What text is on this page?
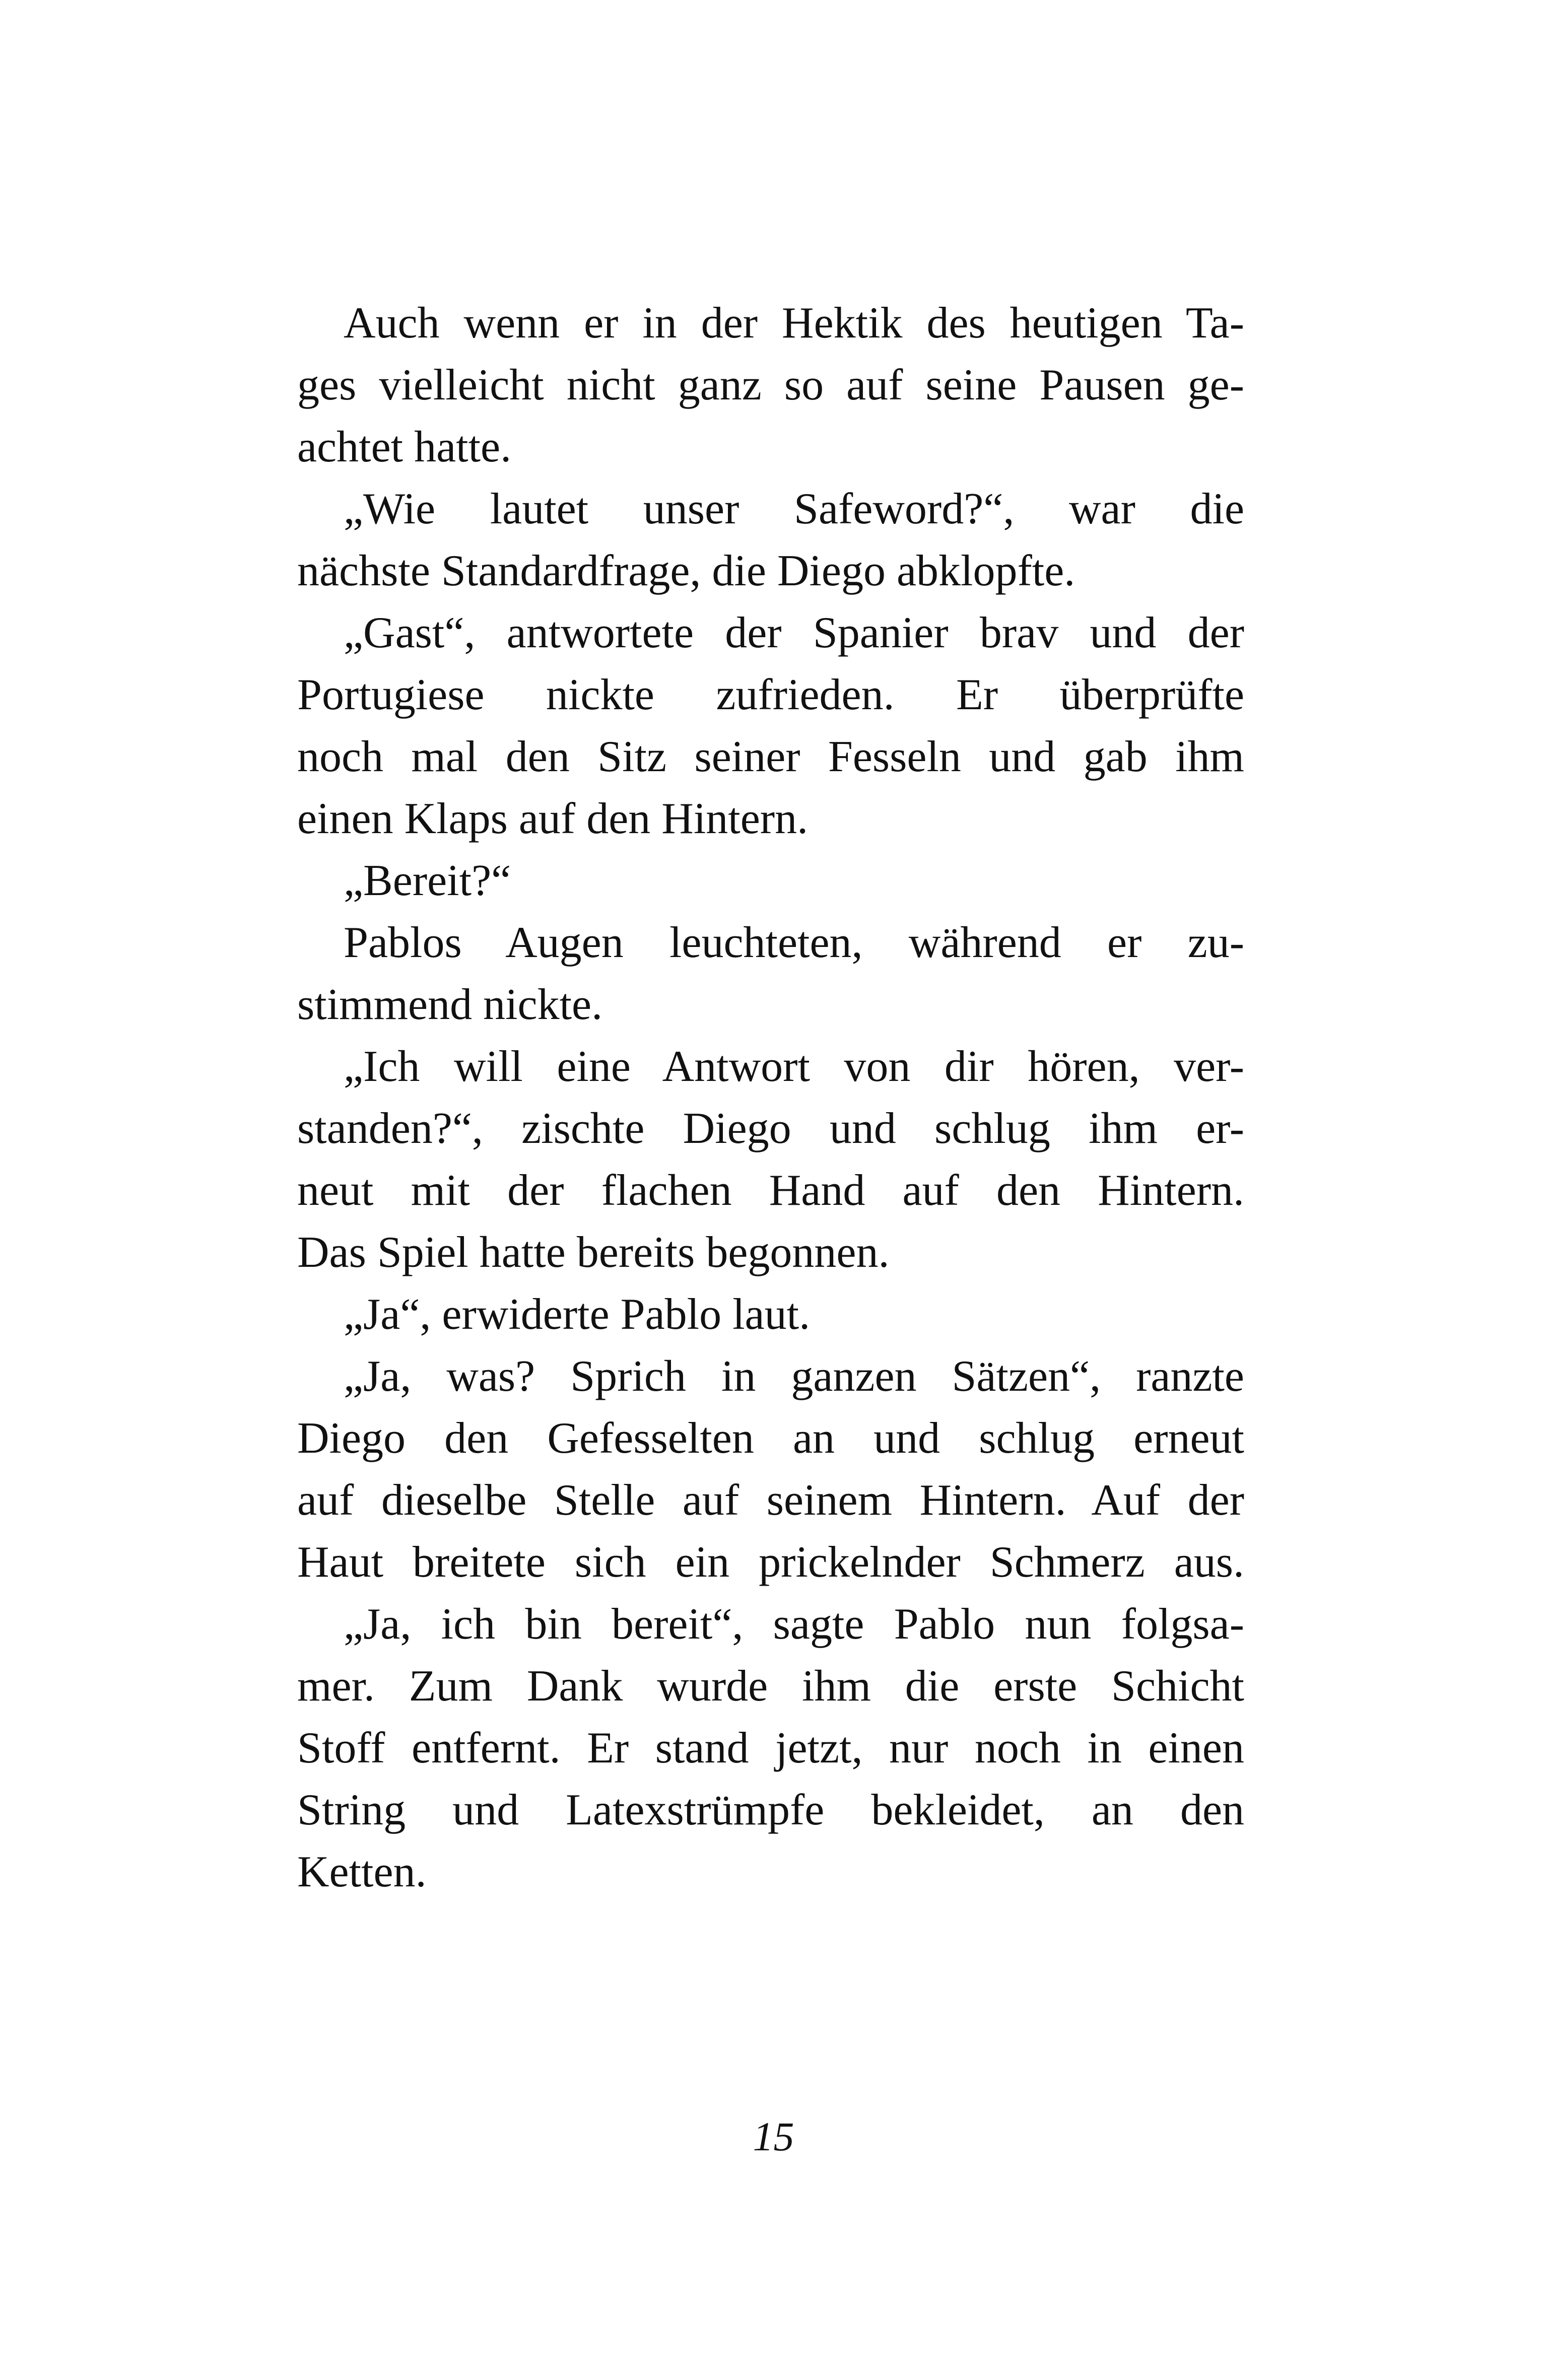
Auch wenn er in der Hektik des heutigen Ta-
ges vielleicht nicht ganz so auf seine Pausen ge-
achtet hatte.
„Wie lautet unser Safeword?“, war die
nächste Standardfrage, die Diego abklopfte.
„Gast“, antwortete der Spanier brav und der
Portugiese nickte zufrieden. Er überprüfte
noch mal den Sitz seiner Fesseln und gab ihm
einen Klaps auf den Hintern.
„Bereit?“
Pablos Augen leuchteten, während er zu-
stimmend nickte.
„Ich will eine Antwort von dir hören, ver-
standen?“, zischte Diego und schlug ihm er-
neut mit der flachen Hand auf den Hintern.
Das Spiel hatte bereits begonnen.
„Ja“, erwiderte Pablo laut.
„Ja, was? Sprich in ganzen Sätzen“, ranzte
Diego den Gefesselten an und schlug erneut
auf dieselbe Stelle auf seinem Hintern. Auf der
Haut breitete sich ein prickelnder Schmerz aus.
„Ja, ich bin bereit“, sagte Pablo nun folgsa-
mer. Zum Dank wurde ihm die erste Schicht
Stoff entfernt. Er stand jetzt, nur noch in einen
String und Latexstrümpfe bekleidet, an den
Ketten.
15
